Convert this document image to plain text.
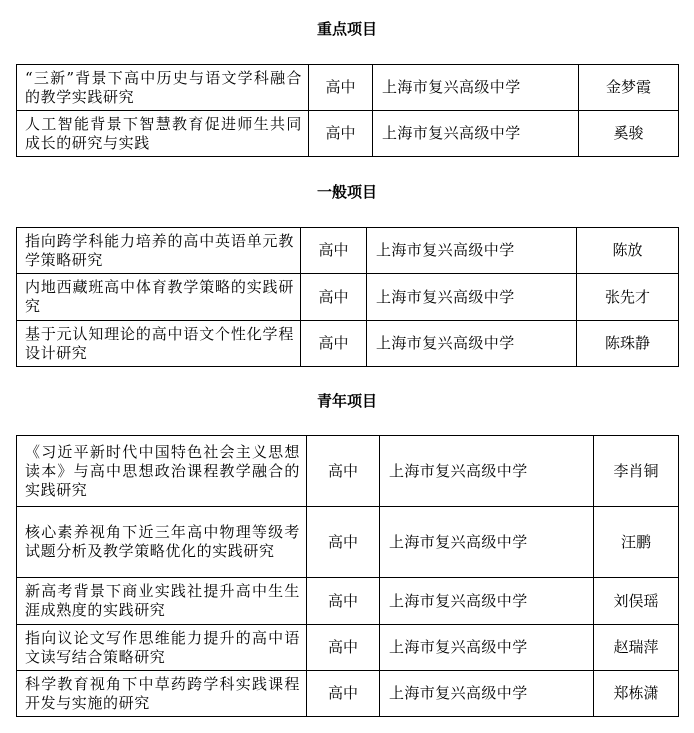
重点项目
“三新”背景下高中历史与语文学科融合的教学实践研究	高中	上海市复兴高级中学	金梦霞
人工智能背景下智慧教育促进师生共同成长的研究与实践	高中	上海市复兴高级中学	奚骏
一般项目
指向跨学科能力培养的高中英语单元教学策略研究	高中	上海市复兴高级中学	陈放
内地西藏班高中体育教学策略的实践研究	高中	上海市复兴高级中学	张先才
基于元认知理论的高中语文个性化学程设计研究	高中	上海市复兴高级中学	陈珠静
青年项目
《习近平新时代中国特色社会主义思想读本》与高中思想政治课程教学融合的实践研究	高中	上海市复兴高级中学	李肖铜
核心素养视角下近三年高中物理等级考试题分析及教学策略优化的实践研究	高中	上海市复兴高级中学	汪鹏
新高考背景下商业实践社提升高中生生涯成熟度的实践研究	高中	上海市复兴高级中学	刘俣瑶
指向议论文写作思维能力提升的高中语文读写结合策略研究	高中	上海市复兴高级中学	赵瑞萍
科学教育视角下中草药跨学科实践课程开发与实施的研究	高中	上海市复兴高级中学	郑栋潇
